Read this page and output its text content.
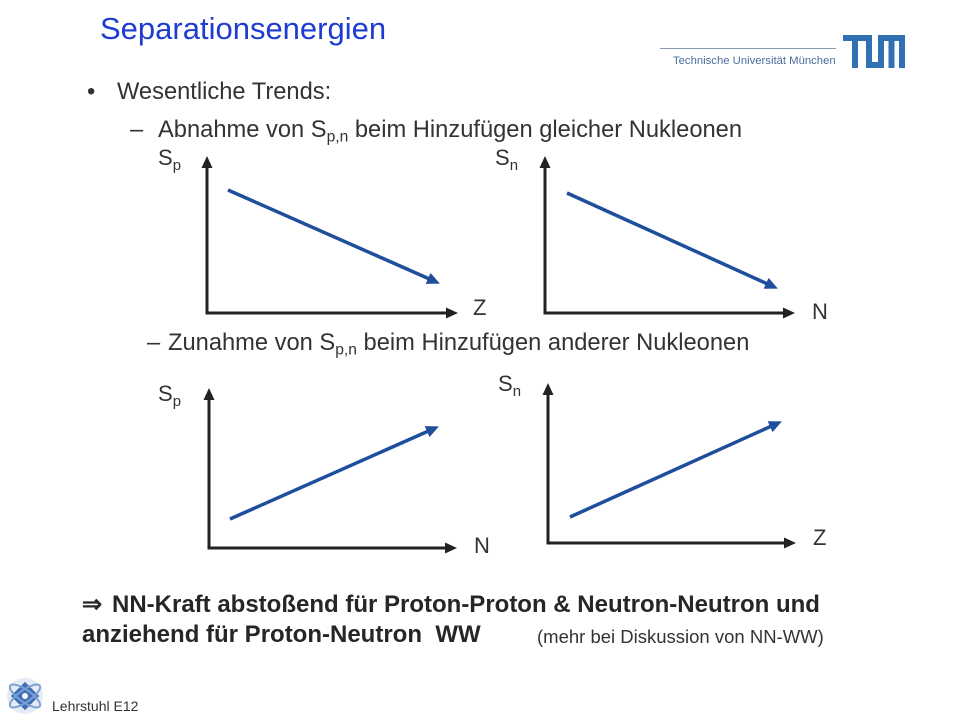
Separationsenergien
Technische Universität München
• Wesentliche Trends:
– Abnahme von $S_{p,n}$ beim Hinzufügen gleicher Nukleonen
– Zunahme von $S_{p,n}$ beim Hinzufügen anderer Nukleonen
$S_p$
Z
$S_n$
N
$S_p$
N
$S_n$
Z
⇒ NN-Kraft abstoßend für Proton-Proton & Neutron-Neutron und
anziehend für Proton-Neutron  WW	(mehr bei Diskussion von NN-WW)
Lehrstuhl E12
